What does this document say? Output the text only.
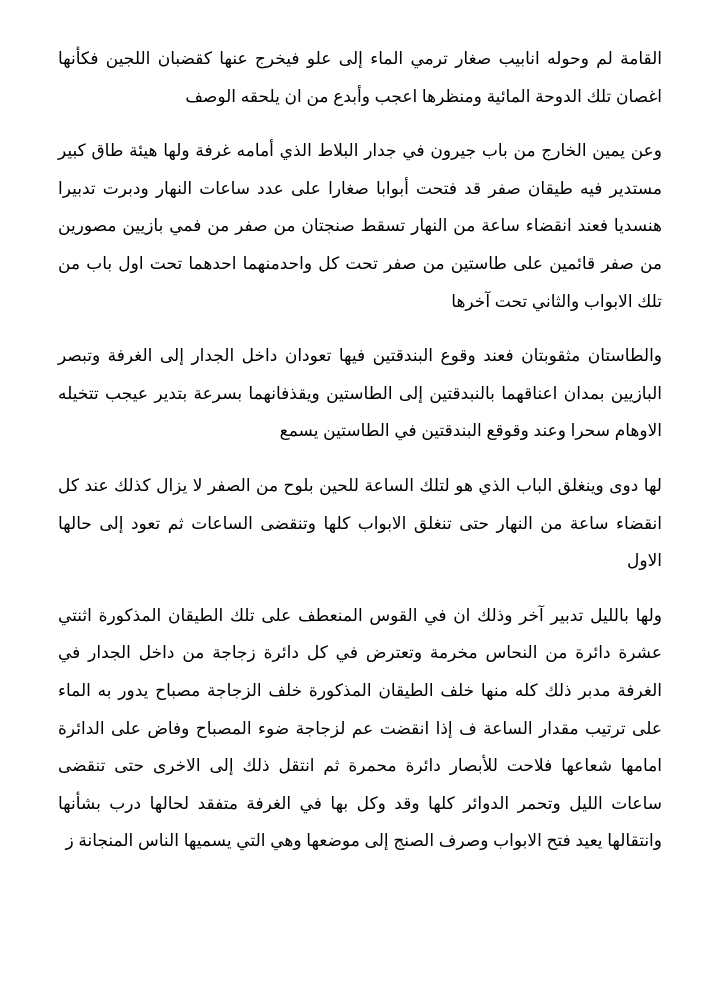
القامة لم وحوله انابيب صغار ترمي الماء إلى علو فيخرج عنها كقضبان اللجين فكأنها اغصان تلك الدوحة المائية ومنظرها اعجب وأبدع من ان يلحقه الوصف

وعن يمين الخارج من باب جيرون في جدار البلاط الذي أمامه غرفة ولها هيئة طاق كبير مستدير فيه طيقان صفر قد فتحت أبوابا صغارا على عدد ساعات النهار ودبرت تدبيرا هنسديا فعند انقضاء ساعة من النهار تسقط صنجتان من صفر من فمي بازيين مصورين من صفر قائمين على طاستين من صفر تحت كل واحدمنهما احدهما تحت اول باب من تلك الابواب والثاني تحت آخرها

والطاستان مثقوبتان فعند وقوع البندقتين فيها تعودان داخل الجدار إلى الغرفة وتبصر البازيين بمدان اعناقهما بالنبدقتين إلى الطاستين ويقذفانهما بسرعة بتدير عيجب تتخيله الاوهام سحرا وعند وقوقع البندقتين في الطاستين يسمع

لها دوى وينغلق الباب الذي هو لتلك الساعة للحين بلوح من الصفر لا يزال كذلك عند كل انقضاء ساعة من النهار حتى تنغلق الابواب كلها وتنقضى الساعات ثم تعود إلى حالها الاول

ولها بالليل تدبير آخر وذلك ان في القوس المنعطف على تلك الطيقان المذكورة اثنتي عشرة دائرة من النحاس مخرمة وتعترض في كل دائرة زجاجة من داخل الجدار في الغرفة مدبر ذلك كله منها خلف الطيقان المذكورة خلف الزجاجة مصباح يدور به الماء على ترتيب مقدار الساعة ف إذا انقضت عم لزجاجة ضوء المصباح وفاض على الدائرة امامها شعاعها فلاحت للأبصار دائرة محمرة ثم انتقل ذلك إلى الاخرى حتى تنقضى ساعات الليل وتحمر الدوائر كلها وقد وكل بها في الغرفة متفقد لحالها درب بشأنها وانتقالها يعيد فتح الابواب وصرف الصنج إلى موضعها وهي التي يسميها الناس المنجانة ز
